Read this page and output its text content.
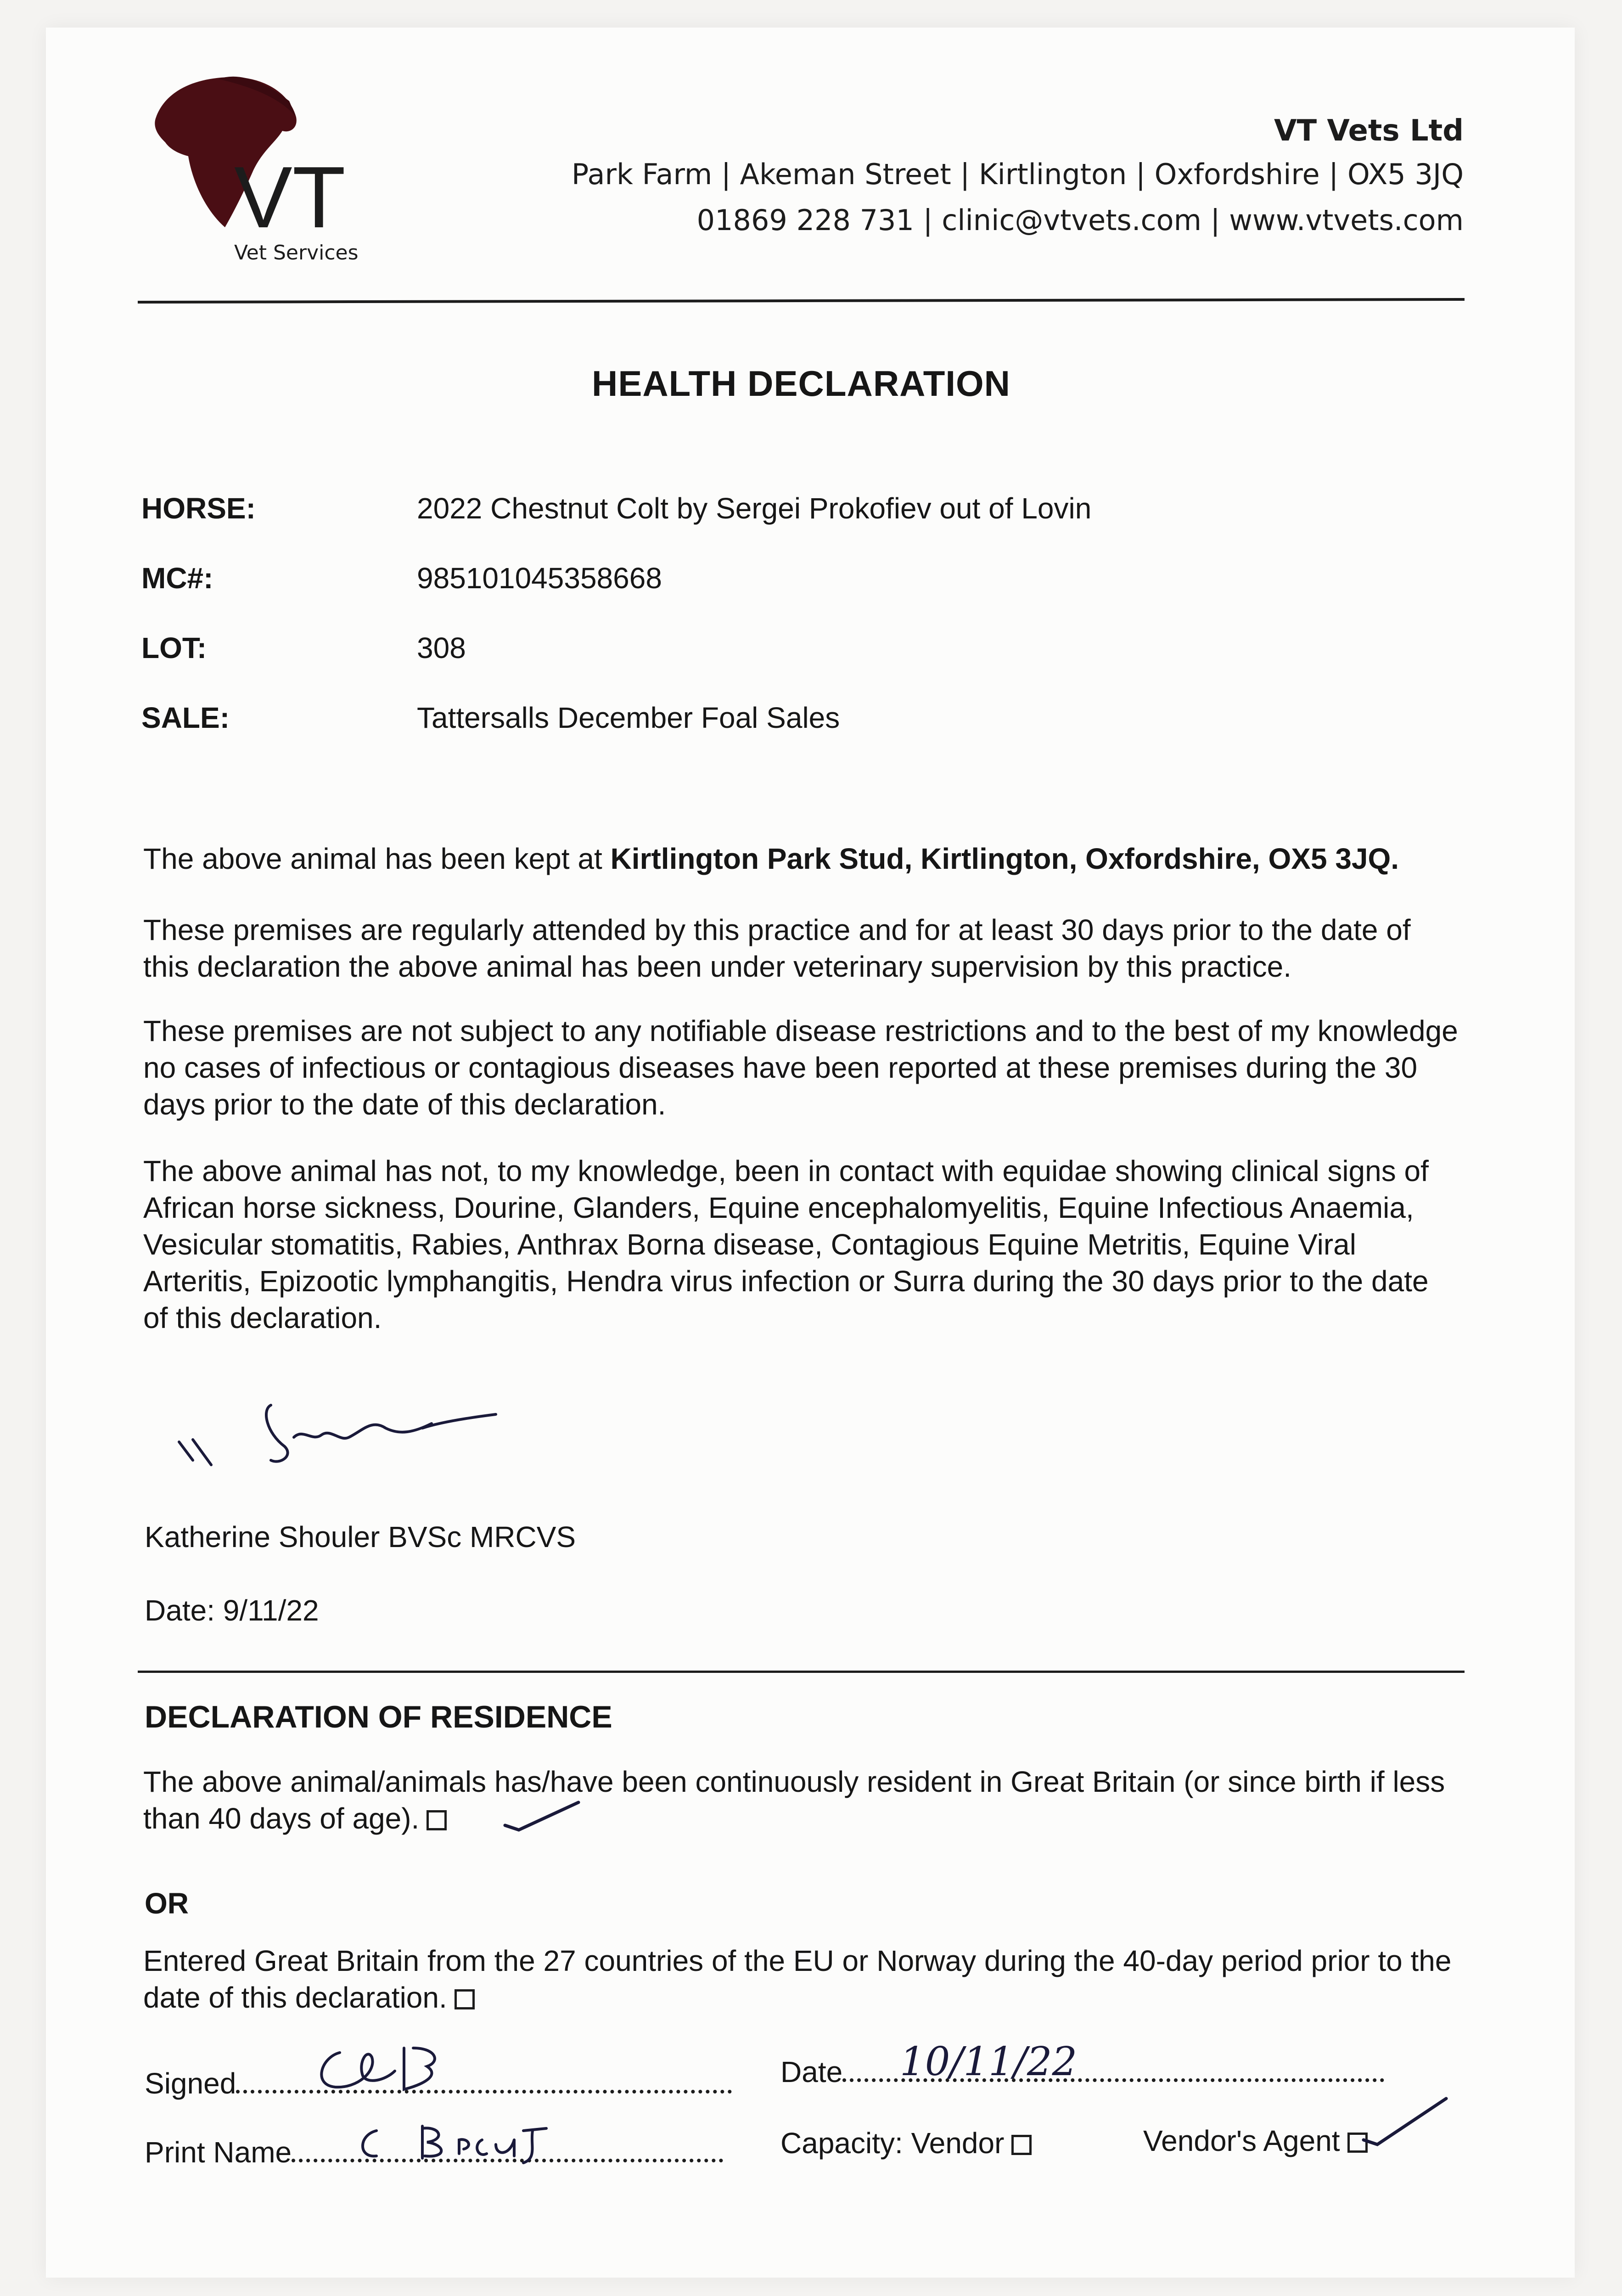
VT
Vet Services
VT Vets Ltd
Park Farm | Akeman Street | Kirtlington | Oxfordshire | OX5 3JQ
01869 228 731 | clinic@vtvets.com | www.vtvets.com
HEALTH DECLARATION
HORSE:	2022 Chestnut Colt by Sergei Prokofiev out of Lovin
MC#:	985101045358668
LOT:	308
SALE:	Tattersalls December Foal Sales
The above animal has been kept at Kirtlington Park Stud, Kirtlington, Oxfordshire, OX5 3JQ.
These premises are regularly attended by this practice and for at least 30 days prior to the date of this declaration the above animal has been under veterinary supervision by this practice.
These premises are not subject to any notifiable disease restrictions and to the best of my knowledge no cases of infectious or contagious diseases have been reported at these premises during the 30 days prior to the date of this declaration.
The above animal has not, to my knowledge, been in contact with equidae showing clinical signs of African horse sickness, Dourine, Glanders, Equine encephalomyelitis, Equine Infectious Anaemia, Vesicular stomatitis, Rabies, Anthrax Borna disease, Contagious Equine Metritis, Equine Viral Arteritis, Epizootic lymphangitis, Hendra virus infection or Surra during the 30 days prior to the date of this declaration.
Katherine Shouler BVSc MRCVS
Date: 9/11/22
DECLARATION OF RESIDENCE
The above animal/animals has/have been continuously resident in Great Britain (or since birth if less than 40 days of age).
OR
Entered Great Britain from the 27 countries of the EU or Norway during the 40-day period prior to the date of this declaration.
Signed	Date	10/11/22
Print Name	Capacity: Vendor	Vendor's Agent
